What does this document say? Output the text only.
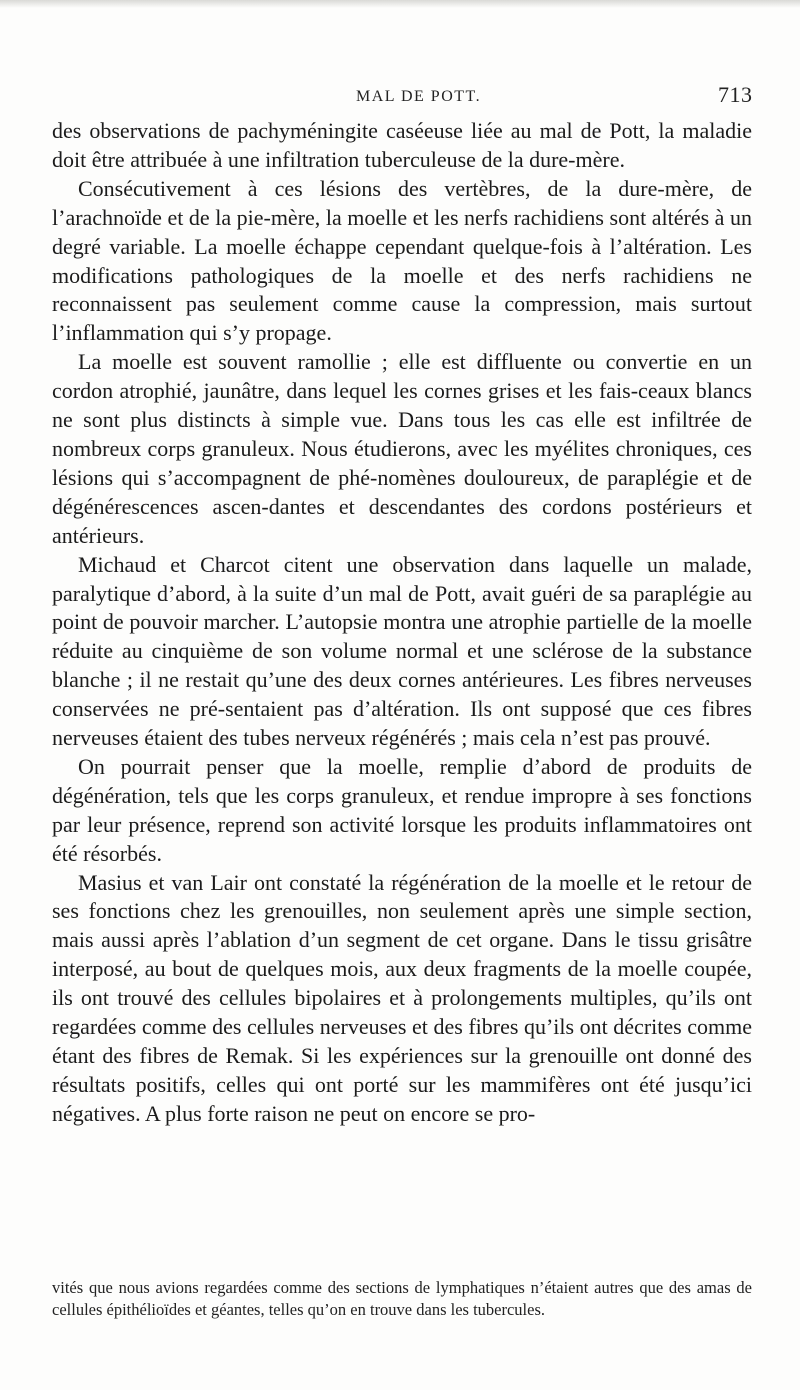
MAL DE POTT.	713

des observations de pachyméningite caséeuse liée au mal de Pott, la maladie doit être attribuée à une infiltration tuberculeuse de la dure-mère.

Consécutivement à ces lésions des vertèbres, de la dure-mère, de l’arachnoïde et de la pie-mère, la moelle et les nerfs rachidiens sont altérés à un degré variable. La moelle échappe cependant quelque-fois à l’altération. Les modifications pathologiques de la moelle et des nerfs rachidiens ne reconnaissent pas seulement comme cause la compression, mais surtout l’inflammation qui s’y propage.

La moelle est souvent ramollie ; elle est diffluente ou convertie en un cordon atrophié, jaunâtre, dans lequel les cornes grises et les fais-ceaux blancs ne sont plus distincts à simple vue. Dans tous les cas elle est infiltrée de nombreux corps granuleux. Nous étudierons, avec les myélites chroniques, ces lésions qui s’accompagnent de phé-nomènes douloureux, de paraplégie et de dégénérescences ascen-dantes et descendantes des cordons postérieurs et antérieurs.

Michaud et Charcot citent une observation dans laquelle un malade, paralytique d’abord, à la suite d’un mal de Pott, avait guéri de sa paraplégie au point de pouvoir marcher. L’autopsie montra une atrophie partielle de la moelle réduite au cinquième de son volume normal et une sclérose de la substance blanche ; il ne restait qu’une des deux cornes antérieures. Les fibres nerveuses conservées ne pré-sentaient pas d’altération. Ils ont supposé que ces fibres nerveuses étaient des tubes nerveux régénérés ; mais cela n’est pas prouvé.

On pourrait penser que la moelle, remplie d’abord de produits de dégénération, tels que les corps granuleux, et rendue impropre à ses fonctions par leur présence, reprend son activité lorsque les produits inflammatoires ont été résorbés.

Masius et van Lair ont constaté la régénération de la moelle et le retour de ses fonctions chez les grenouilles, non seulement après une simple section, mais aussi après l’ablation d’un segment de cet organe. Dans le tissu grisâtre interposé, au bout de quelques mois, aux deux fragments de la moelle coupée, ils ont trouvé des cellules bipolaires et à prolongements multiples, qu’ils ont regardées comme des cellules nerveuses et des fibres qu’ils ont décrites comme étant des fibres de Remak. Si les expériences sur la grenouille ont donné des résultats positifs, celles qui ont porté sur les mammifères ont été jusqu’ici négatives. A plus forte raison ne peut on encore se pro-

vités que nous avions regardées comme des sections de lymphatiques n’étaient autres que des amas de cellules épithélioïdes et géantes, telles qu’on en trouve dans les tubercules.
